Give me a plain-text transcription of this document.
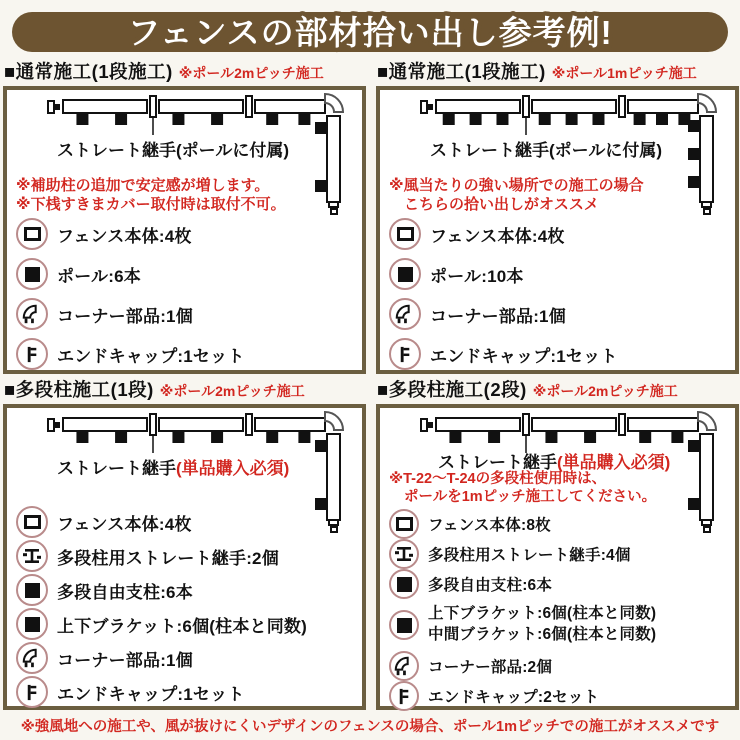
フェンスの部材拾い出し参考例!
■通常施工(1段施工) ※ポール2mピッチ施工
ストレート継手(ポールに付属)
※補助柱の追加で安定感が増します。
※下桟すきまカバー取付時は取付不可。
フェンス本体:4枚
ポール:6本
コーナー部品:1個
エンドキャップ:1セット
■通常施工(1段施工) ※ポール1mピッチ施工
ストレート継手(ポールに付属)
※風当たりの強い場所での施工の場合
こちらの拾い出しがオススメ
フェンス本体:4枚
ポール:10本
コーナー部品:1個
エンドキャップ:1セット
■多段柱施工(1段) ※ポール2mピッチ施工
ストレート継手(単品購入必須)
フェンス本体:4枚
多段柱用ストレート継手:2個
多段自由支柱:6本
上下ブラケット:6個(柱本と同数)
コーナー部品:1個
エンドキャップ:1セット
■多段柱施工(2段) ※ポール2mピッチ施工
ストレート継手(単品購入必須)
※T-22〜T-24の多段柱使用時は、
ポールを1mピッチ施工してください。
フェンス本体:8枚
多段柱用ストレート継手:4個
多段自由支柱:6本
上下ブラケット:6個(柱本と同数)
中間ブラケット:6個(柱本と同数)
コーナー部品:2個
エンドキャップ:2セット
※強風地への施工や、風が抜けにくいデザインのフェンスの場合、ポール1mピッチでの施工がオススメです
